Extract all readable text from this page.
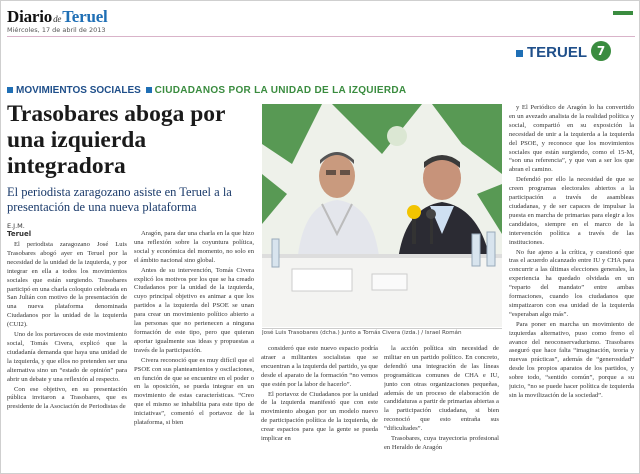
DiariodeTeruel
Miércoles, 17 de abril de 2013
TERUEL 7
MOVIMIENTOS SOCIALES CIUDADANOS POR LA UNIDAD DE LA IZQUIERDA
Trasobares aboga por una izquierda integradora
El periodista zaragozano asiste en Teruel a la presentación de una nueva plataforma
E.J.M.
Teruel

El periodista zaragozano José Luis Trasobares abogó ayer en Teruel por la necesidad de la unidad de la izquierda, y por integrar en ella a todos los movimientos sociales que están surgiendo. Trasobares participó en una charla coloquio celebrada en San Julián con motivo de la presentación de una nueva plataforma denominada Ciudadanos por la unidad de la izquierda (CUI2).

Uno de los portavoces de este movimiento social, Tomás Civera, explicó que la ciudadanía demanda que haya una unidad de la izquierda, y que ellos no pretenden ser una alternativa sino un “estado de opinión” para abrir un debate y una reflexión al respecto.

Con ese objetivo, en su presentación pública invitaron a Trasobares, que es presidente de la Asociación de Periodistas de

Aragón, para dar una charla en la que hizo una reflexión sobre la coyuntura política, social y económica del momento, no solo en el ámbito nacional sino global.

Antes de su intervención, Tomás Civera explicó los motivos por los que se ha creado Ciudadanos por la unidad de la izquierda, cuyo principal objetivo es animar a que los partidos a la izquierda del PSOE se unan para crear un movimiento político abierto a las personas que no pertenecen a ninguna formación de este tipo, pero que quieran aportar igualmente sus ideas y propuestas a través de la participación.

Civera reconoció que es muy difícil que el PSOE con sus planteamientos y oscilaciones, en función de que se encuentre en el poder o en la oposición, se pueda integrar en un movimiento de estas características. “Creo que el mismo se inhabilita para este tipo de iniciativas”, comentó el portavoz de la plataforma, si bien

José Luis Trasobares (dcha.) junto a Tomás Civera (izda.) / Israel Román

consideró que este nuevo espacio podría atraer a militantes socialistas que se encuentran a la izquierda del partido, ya que desde el aparato de la formación “no vemos que estén por la labor de hacerlo”.

El portavoz de Ciudadanos por la unidad de la izquierda manifestó que con este movimiento abogan por un modelo nuevo de participación política de la izquierda, de crear espacios para que la gente se pueda implicar en

la acción política sin necesidad de militar en un partido político. En concreto, defendió una integración de las líneas programáticas comunes de CHA e IU, junto con otras organizaciones pequeñas, además de un proceso de elaboración de candidaturas a partir de primarias abiertas a la participación ciudadana, si bien reconoció que esto entraña sus “dificultades”.

Trasobares, cuya trayectoria profesional en Heraldo de Aragón

y El Periódico de Aragón lo ha convertido en un avezado analista de la realidad política y social, compartió en su exposición la necesidad de unir a la izquierda a la izquierda del PSOE, y reconoce que los movimientos sociales que están surgiendo, como el 15-M, “son una referencia”, y que van a ser los que abran el camino.

Defendió por ello la necesidad de que se creen programas electorales abiertos a la participación a través de asambleas ciudadanas, y de ser capaces de impulsar la puesta en marcha de primarias para elegir a los candidatos, siempre en el marco de la intervención política a través de las instituciones.

No fue ajeno a la crítica, y cuestionó que tras el acuerdo alcanzado entre IU y CHA para concurrir a las últimas elecciones generales, la experiencia ha quedado olvidada en un “reparto del mandato” entre ambas formaciones, cuando los ciudadanos que simpatizaron con esa unidad de la izquierda “esperaban algo más”.

Para poner en marcha un movimiento de izquierdas alternativo, puso como freno el avance del neoconservadurismo. Trasobares aseguró que hace falta “imaginación, teoría y nuevas prácticas”, además de “generosidad” desde los propios aparatos de los partidos, y sobre todo, “sentido común”, porque a su juicio, “no se puede hacer política de izquierda sin la movilización de la sociedad”.
